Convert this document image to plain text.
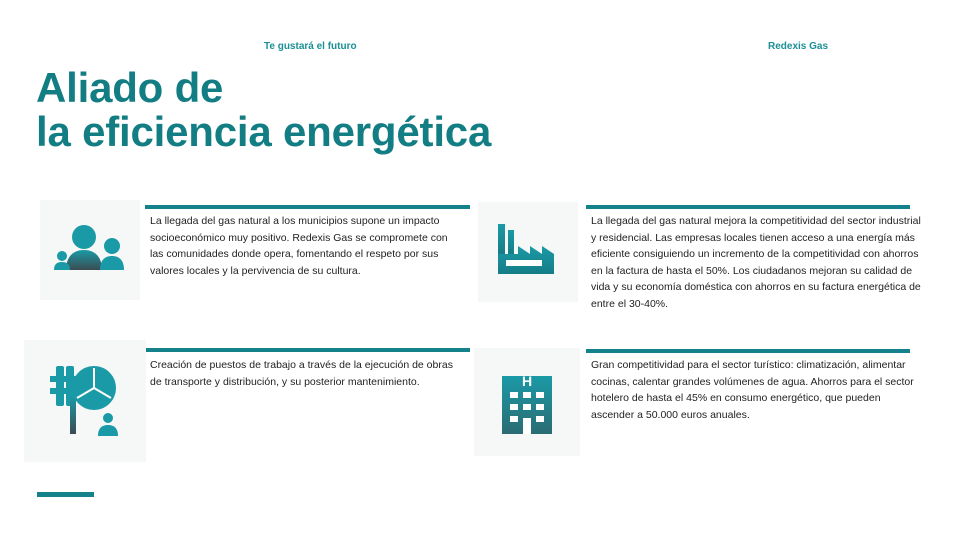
Te gustará el futuro	Redexis Gas
Aliado de
la eficiencia energética

La llegada del gas natural a los municipios supone un impacto socioeconómico muy positivo. Redexis Gas se compromete con las comunidades donde opera, fomentando el respeto por sus valores locales y la pervivencia de su cultura.

La llegada del gas natural mejora la competitividad del sector industrial y residencial. Las empresas locales tienen acceso a una energía más eficiente consiguiendo un incremento de la competitividad con ahorros en la factura de hasta el 50%. Los ciudadanos mejoran su calidad de vida y su economía doméstica con ahorros en su factura energética de entre el 30-40%.

Creación de puestos de trabajo a través de la ejecución de obras de transporte y distribución, y su posterior mantenimiento.	H

Gran competitividad para el sector turístico: climatización, alimentar cocinas, calentar grandes volúmenes de agua. Ahorros para el sector hotelero de hasta el 45% en consumo energético, que pueden ascender a 50.000 euros anuales.
